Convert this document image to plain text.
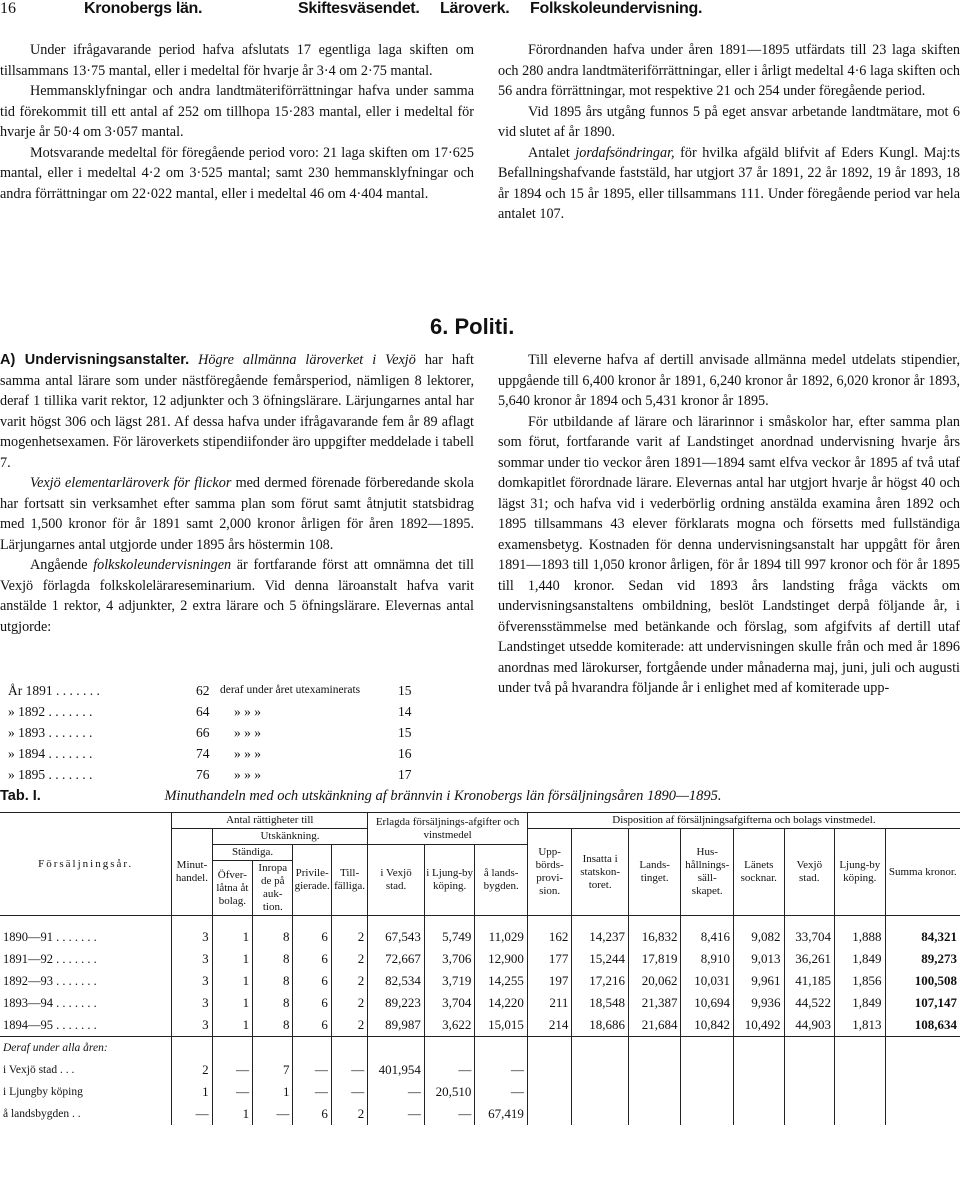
16	Kronobergs län.	Skiftesväsendet. Läroverk. Folkskoleundervisning.

Under ifrågavarande period hafva afslutats 17 egentliga laga skiften om tillsammans 13·75 mantal, eller i medeltal för hvarje år 3·4 om 2·75 mantal.

Hemmansklyfningar och andra landtmäteriförrättningar hafva under samma tid förekommit till ett antal af 252 om tillhopa 15·283 mantal, eller i medeltal för hvarje år 50·4 om 3·057 mantal.

Motsvarande medeltal för föregående period voro: 21 laga skiften om 17·625 mantal, eller i medeltal 4·2 om 3·525 mantal; samt 230 hemmansklyfningar och andra förrättningar om 22·022 mantal, eller i medeltal 46 om 4·404 mantal.

Förordnanden hafva under åren 1891—1895 utfärdats till 23 laga skiften och 280 andra landtmäteriförrättningar, eller i årligt medeltal 4·6 laga skiften och 56 andra förrättningar, mot respektive 21 och 254 under föregående period.

Vid 1895 års utgång funnos 5 på eget ansvar arbetande landtmätare, mot 6 vid slutet af år 1890.

Antalet jordafsöndringar, för hvilka afgäld blifvit af Eders Kungl. Maj:ts Befallningshafvande faststäld, har utgjort 37 år 1891, 22 år 1892, 19 år 1893, 18 år 1894 och 15 år 1895, eller tillsammans 111. Under föregående period var hela antalet 107.

6. Politi.

A) Undervisningsanstalter. Högre allmänna läroverket i Vexjö har haft samma antal lärare som under nästföregående femårsperiod, nämligen 8 lektorer, deraf 1 tillika varit rektor, 12 adjunkter och 3 öfningslärare. Lärjungarnes antal har varit högst 306 och lägst 281. Af dessa hafva under ifrågavarande fem år 89 aflagt mogenhetsexamen. För läroverkets stipendiifonder äro uppgifter meddelade i tabell 7.

Vexjö elementarläroverk för flickor med dermed förenade förberedande skola har fortsatt sin verksamhet efter samma plan som förut samt åtnjutit statsbidrag med 1,500 kronor för år 1891 samt 2,000 kronor årligen för åren 1892—1895. Lärjungarnes antal utgjorde under 1895 års höstermin 108.

Angående folkskoleundervisningen är fortfarande först att omnämna det till Vexjö förlagda folkskolelärareseminarium. Vid denna läroanstalt hafva varit anstälde 1 rektor, 4 adjunkter, 2 extra lärare och 5 öfningslärare. Elevernas antal utgjorde:

År 1891 . . . . . . .	62 deraf under året utexaminerats	15
» 1892 . . . . . . .	64 » » »	14
» 1893 . . . . . . .	66 » » »	15
» 1894 . . . . . . .	74 » » »	16
» 1895 . . . . . . .	76 » » »	17

Till eleverne hafva af dertill anvisade allmänna medel utdelats stipendier, uppgående till 6,400 kronor år 1891, 6,240 kronor år 1892, 6,020 kronor år 1893, 5,640 kronor år 1894 och 5,431 kronor år 1895.

För utbildande af lärare och lärarinnor i småskolor har, efter samma plan som förut, fortfarande varit af Landstinget anordnad undervisning hvarje års sommar under tio veckor åren 1891—1894 samt elfva veckor år 1895 af två utaf domkapitlet förordnade lärare. Elevernas antal har utgjort hvarje år högst 40 och lägst 31; och hafva vid i vederbörlig ordning anstälda examina åren 1892 och 1895 tillsammans 43 elever förklarats mogna och försetts med fullständiga examensbetyg. Kostnaden för denna undervisningsanstalt har uppgått för åren 1891—1893 till 1,050 kronor årligen, för år 1894 till 997 kronor och för år 1895 till 1,440 kronor. Sedan vid 1893 års landsting fråga väckts om undervisningsanstaltens ombildning, beslöt Landstinget derpå följande år, i öfverensstämmelse med betänkande och förslag, som afgifvits af dertill utaf Landstinget utsedde komiterade: att undervisningen skulle från och med år 1896 anordnas med lärokurser, fortgående under månaderna maj, juni, juli och augusti under två på hvarandra följande år i enlighet med af komiterade upp-

Tab. I.	Minuthandeln med och utskänkning af brännvin i Kronobergs län försäljningsåren 1890—1895.
Försäljningsår.	Antal rättigheter till					Erlagda försäljnings-afgifter och vinstmedel			Disposition af försäljningsafgifterna och bolags vinstmedel.							
	Minut-handel.	Utskänkning.							Upp-börds-provi-sion.	Insatta i statskon-toret.	Lands-tinget.	Hus-hållnings-säll-skapet.	Länets socknar.	Vexjö stad.	Ljung-by köping.	Summa kronor.
		Ständiga.		Privile-gierade.	Till-fälliga.	i Vexjö stad.	i Ljung-by köping.	å lands-bygden.								
		Öfver-låtna åt bolag.	Inropa de på auk-tion.													

1890—91 . . . . . . .	3	1	8	6	2	67,543	5,749	11,029	162	14,237	16,832	8,416	9,082	33,704	1,888	84,321
1891—92 . . . . . . .	3	1	8	6	2	72,667	3,706	12,900	177	15,244	17,819	8,910	9,013	36,261	1,849	89,273
1892—93 . . . . . . .	3	1	8	6	2	82,534	3,719	14,255	197	17,216	20,062	10,031	9,961	41,185	1,856	100,508
1893—94 . . . . . . .	3	1	8	6	2	89,223	3,704	14,220	211	18,548	21,387	10,694	9,936	44,522	1,849	107,147
1894—95 . . . . . . .	3	1	8	6	2	89,987	3,622	15,015	214	18,686	21,684	10,842	10,492	44,903	1,813	108,634
Deraf under alla åren:																
i Vexjö stad . . .	2	—	7	—	—	401,954	—	—								
i Ljungby köping	1	—	1	—	—	—	20,510	—								
å landsbygden . .	—	1	—	6	2	—	—	67,419								
